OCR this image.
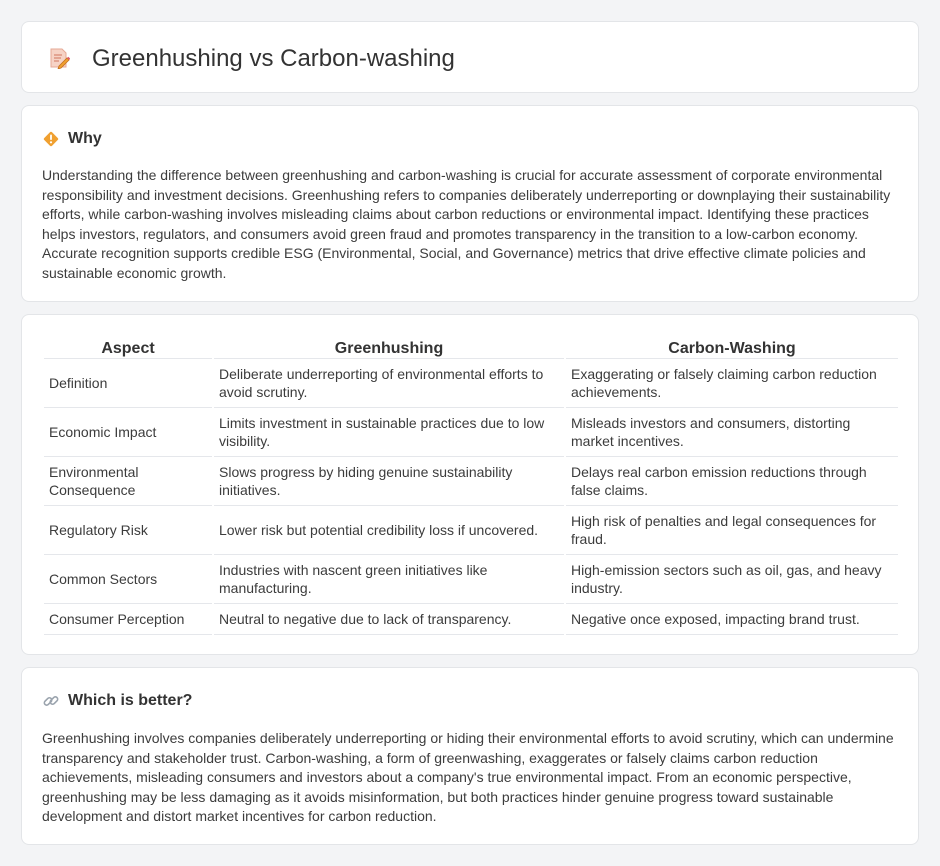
Greenhushing vs Carbon-washing
Why

Understanding the difference between greenhushing and carbon-washing is crucial for accurate assessment of corporate environmental responsibility and investment decisions. Greenhushing refers to companies deliberately underreporting or downplaying their sustainability efforts, while carbon-washing involves misleading claims about carbon reductions or environmental impact. Identifying these practices helps investors, regulators, and consumers avoid green fraud and promotes transparency in the transition to a low-carbon economy. Accurate recognition supports credible ESG (Environmental, Social, and Governance) metrics that drive effective climate policies and sustainable economic growth.

Aspect	Greenhushing	Carbon-Washing
Definition	Deliberate underreporting of environmental efforts to avoid scrutiny.	Exaggerating or falsely claiming carbon reduction achievements.
Economic Impact	Limits investment in sustainable practices due to low visibility.	Misleads investors and consumers, distorting market incentives.
Environmental Consequence	Slows progress by hiding genuine sustainability initiatives.	Delays real carbon emission reductions through false claims.
Regulatory Risk	Lower risk but potential credibility loss if uncovered.	High risk of penalties and legal consequences for fraud.
Common Sectors	Industries with nascent green initiatives like manufacturing.	High-emission sectors such as oil, gas, and heavy industry.
Consumer Perception	Neutral to negative due to lack of transparency.	Negative once exposed, impacting brand trust.
Which is better?

Greenhushing involves companies deliberately underreporting or hiding their environmental efforts to avoid scrutiny, which can undermine transparency and stakeholder trust. Carbon-washing, a form of greenwashing, exaggerates or falsely claims carbon reduction achievements, misleading consumers and investors about a company's true environmental impact. From an economic perspective, greenhushing may be less damaging as it avoids misinformation, but both practices hinder genuine progress toward sustainable development and distort market incentives for carbon reduction.
